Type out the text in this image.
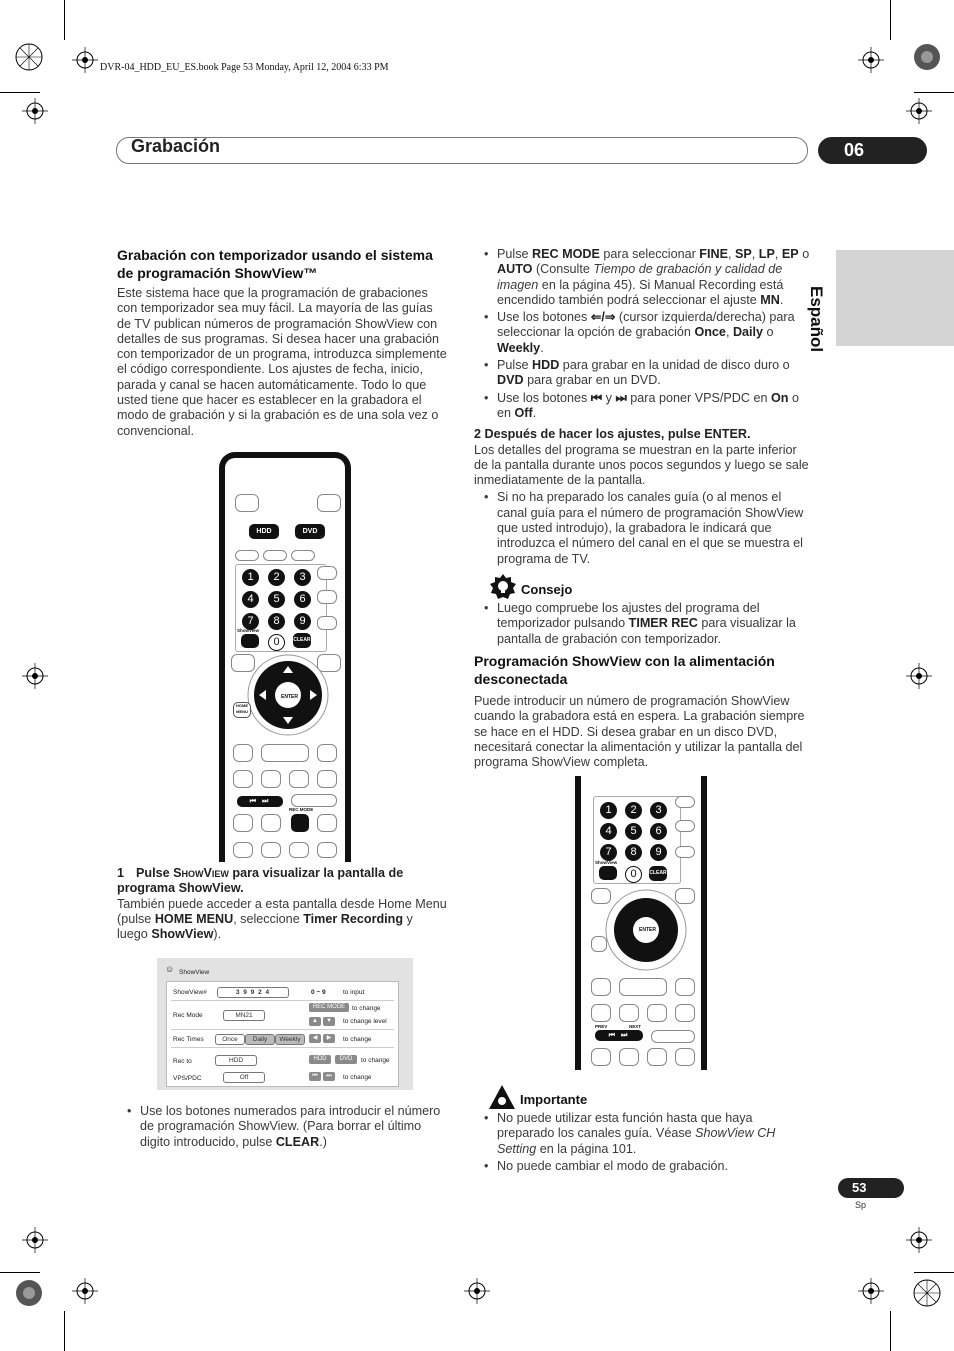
DVR-04_HDD_EU_ES.book Page 53 Monday, April 12, 2004 6:33 PM
Grabación	06
Español
Grabación con temporizador usando el sistema de programación ShowView™

Este sistema hace que la programación de grabaciones con temporizador sea muy fácil. La mayoría de las guías de TV publican números de programación ShowView con detalles de sus programas. Si desea hacer una grabación con temporizador de un programa, introduzca simplemente el código correspondiente. Los ajustes de fecha, inicio, parada y canal se hacen automáticamente. Todo lo que usted tiene que hacer es establecer en la grabadora el modo de grabación y si la grabación es de una sola vez o convencional.

HDD	DVD
1	2	3
4	5	6
7	8	9
ShowView
0	CLEAR
ENTER
HOME MENU
⏮ ⏭
REC MODE
1 Pulse ShowView para visualizar la pantalla de programa ShowView.

También puede acceder a esta pantalla desde Home Menu (pulse HOME MENU, seleccione Timer Recording y luego ShowView).

☺ ShowView
ShowView#	3 9 9 2 4	0 ~ 9	to input
Rec Mode	MN21
REC MODE	to change
▲	▼	to change level
Rec Times	Once	Daily	Weekly	◀	▶	to change
Rec to	HDD	HDD	DVD	to change
VPS/PDC	Off	⏮	⏭	to change
• Use los botones numerados para introducir el número de programación ShowView. (Para borrar el último digito introducido, pulse CLEAR.)
• Pulse REC MODE para seleccionar FINE, SP, LP, EP o AUTO (Consulte Tiempo de grabación y calidad de imagen en la página 45). Si Manual Recording está encendido también podrá seleccionar el ajuste MN.
• Use los botones ⇐/⇒ (cursor izquierda/derecha) para seleccionar la opción de grabación Once, Daily o Weekly.
• Pulse HDD para grabar en la unidad de disco duro o DVD para grabar en un DVD.
• Use los botones ⏮ y ⏭ para poner VPS/PDC en On o en Off.
2 Después de hacer los ajustes, pulse ENTER.

Los detalles del programa se muestran en la parte inferior de la pantalla durante unos pocos segundos y luego se sale inmediatamente de la pantalla.

• Si no ha preparado los canales guía (o al menos el canal guía para el número de programación ShowView que usted introdujo), la grabadora le indicará que introduzca el número del canal en el que se muestra el programa de TV.
Consejo
• Luego compruebe los ajustes del programa del temporizador pulsando TIMER REC para visualizar la pantalla de grabación con temporizador.
Programación ShowView con la alimentación desconectada

Puede introducir un número de programación ShowView cuando la grabadora está en espera. La grabación siempre se hace en el HDD. Si desea grabar en un disco DVD, necesitará conectar la alimentación y utilizar la pantalla del programa ShowView completa.

1	2	3
4	5	6
7	8	9
ShowView
0	CLEAR
ENTER
PREV	NEXT
⏮ ⏭
Importante
• No puede utilizar esta función hasta que haya preparado los canales guía. Véase ShowView CH Setting en la página 101.
• No puede cambiar el modo de grabación.
53
Sp
